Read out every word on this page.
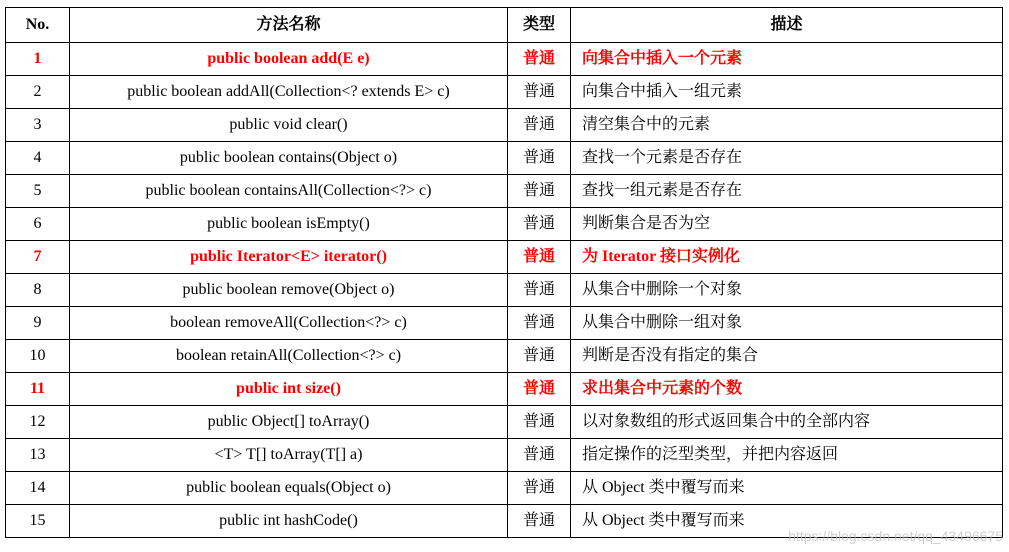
No.	方法名称	类型	描述
1	public boolean add(E e)	普通	向集合中插入一个元素
2	public boolean addAll(Collection<? extends E> c)	普通	向集合中插入一组元素
3	public void clear()	普通	清空集合中的元素
4	public boolean contains(Object o)	普通	查找一个元素是否存在
5	public boolean containsAll(Collection<?> c)	普通	查找一组元素是否存在
6	public boolean isEmpty()	普通	判断集合是否为空
7	public Iterator<E> iterator()	普通	为 Iterator 接口实例化
8	public boolean remove(Object o)	普通	从集合中删除一个对象
9	boolean removeAll(Collection<?> c)	普通	从集合中删除一组对象
10	boolean retainAll(Collection<?> c)	普通	判断是否没有指定的集合
11	public int size()	普通	求出集合中元素的个数
12	public Object[] toArray()	普通	以对象数组的形式返回集合中的全部内容
13	<T> T[] toArray(T[] a)	普通	指定操作的泛型类型，并把内容返回
14	public boolean equals(Object o)	普通	从 Object 类中覆写而来
15	public int hashCode()	普通	从 Object 类中覆写而来
https://blog.csdn.net/qq_43496675
